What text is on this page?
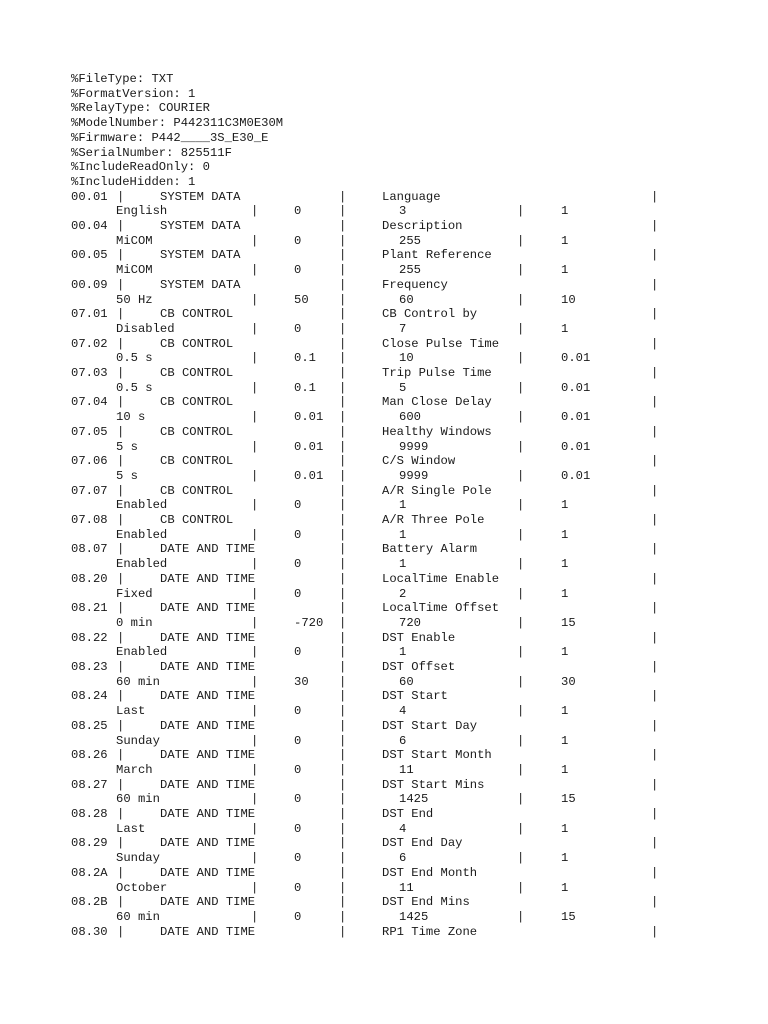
%FileType: TXT
%FormatVersion: 1
%RelayType: COURIER
%ModelNumber: P442311C3M0E30M
%Firmware: P442____3S_E30_E
%SerialNumber: 825511F
%IncludeReadOnly: 0
%IncludeHidden: 1
00.01 |	SYSTEM DATA	|	Language	|
English	|	0	|	3	|	1
00.04 |	SYSTEM DATA	|	Description	|
MiCOM	|	0	|	255	|	1
00.05 |	SYSTEM DATA	|	Plant Reference	|
MiCOM	|	0	|	255	|	1
00.09 |	SYSTEM DATA	|	Frequency	|
50 Hz	|	50 |	60	|	10
07.01 |	CB CONTROL	|	CB Control by	|
Disabled	|	0	|	7	|	1
07.02 |	CB CONTROL	|	Close Pulse Time	|
0.5 s	|	0.1 |	10	|	0.01
07.03 |	CB CONTROL	|	Trip Pulse Time	|
0.5 s	|	0.1 |	5	|	0.01
07.04 |	CB CONTROL	|	Man Close Delay	|
10 s	|	0.01 |	600	|	0.01
07.05 |	CB CONTROL	|	Healthy Windows	|
5 s	|	0.01 |	9999	|	0.01
07.06 |	CB CONTROL	|	C/S Window	|
5 s	|	0.01 |	9999	|	0.01
07.07 |	CB CONTROL	|	A/R Single Pole	|
Enabled	|	0	|	1	|	1
07.08 |	CB CONTROL	|	A/R Three Pole	|
Enabled	|	0	|	1	|	1
08.07 |	DATE AND TIME	|	Battery Alarm	|
Enabled	|	0	|	1	|	1
08.20 |	DATE AND TIME	|	LocalTime Enable	|
Fixed	|	0	|	2	|	1
08.21 |	DATE AND TIME	|	LocalTime Offset	|
0 min	|	-720 |	720	|	15
08.22 |	DATE AND TIME	|	DST Enable	|
Enabled	|	0	|	1	|	1
08.23 |	DATE AND TIME	|	DST Offset	|
60 min	|	30 |	60	|	30
08.24 |	DATE AND TIME	|	DST Start	|
Last	|	0	|	4	|	1
08.25 |	DATE AND TIME	|	DST Start Day	|
Sunday	|	0	|	6	|	1
08.26 |	DATE AND TIME	|	DST Start Month	|
March	|	0	|	11	|	1
08.27 |	DATE AND TIME	|	DST Start Mins	|
60 min	|	0	|	1425	|	15
08.28 |	DATE AND TIME	|	DST End	|
Last	|	0	|	4	|	1
08.29 |	DATE AND TIME	|	DST End Day	|
Sunday	|	0	|	6	|	1
08.2A |	DATE AND TIME	|	DST End Month	|
October	|	0	|	11	|	1
08.2B |	DATE AND TIME	|	DST End Mins	|
60 min	|	0	|	1425	|	15
08.30 |	DATE AND TIME	|	RP1 Time Zone	|
